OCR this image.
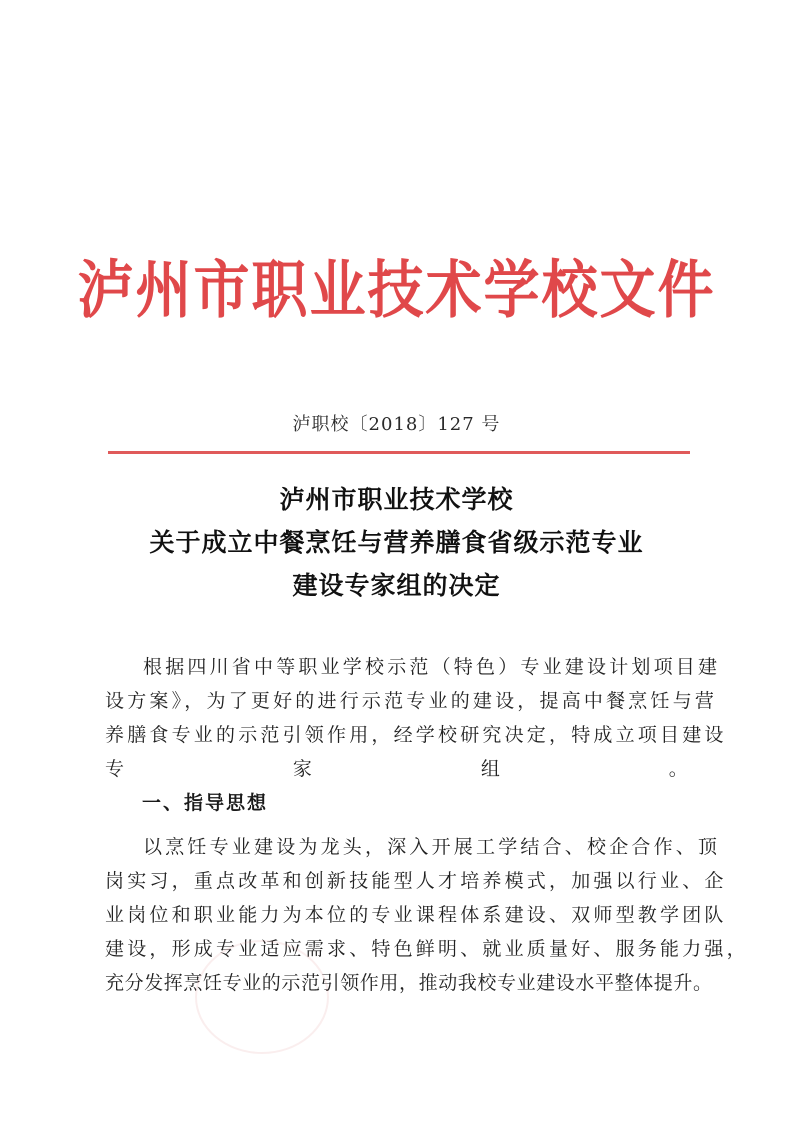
泸州市职业技术学校文件
泸职校〔2018〕127 号
泸州市职业技术学校
关于成立中餐烹饪与营养膳食省级示范专业
建设专家组的决定
根据四川省中等职业学校示范（特色）专业建设计划项目建
设方案》，为了更好的进行示范专业的建设，提高中餐烹饪与营
养膳食专业的示范引领作用，经学校研究决定，特成立项目建设
专家组。
一、指导思想
以烹饪专业建设为龙头，深入开展工学结合、校企合作、顶
岗实习，重点改革和创新技能型人才培养模式，加强以行业、企
业岗位和职业能力为本位的专业课程体系建设、双师型教学团队
建设，形成专业适应需求、特色鲜明、就业质量好、服务能力强，
充分发挥烹饪专业的示范引领作用，推动我校专业建设水平整体提升。
